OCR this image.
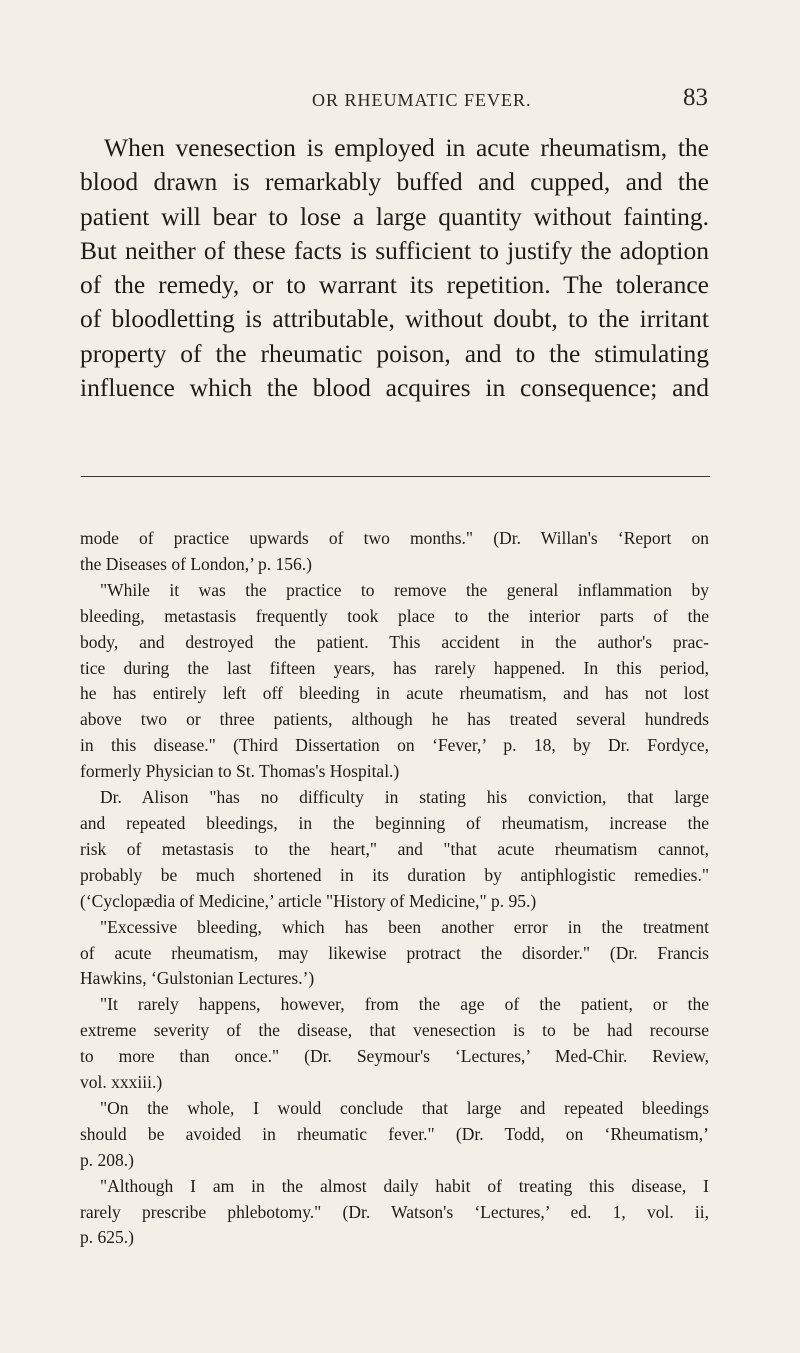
OR RHEUMATIC FEVER.	83
When venesection is employed in acute rheumatism, the
blood drawn is remarkably buffed and cupped, and the
patient will bear to lose a large quantity without fainting.
But neither of these facts is sufficient to justify the adoption
of the remedy, or to warrant its repetition. The tolerance
of bloodletting is attributable, without doubt, to the irritant
property of the rheumatic poison, and to the stimulating
influence which the blood acquires in consequence; and
mode of practice upwards of two months." (Dr. Willan's ‘Report on
the Diseases of London,’ p. 156.)
"While it was the practice to remove the general inflammation by
bleeding, metastasis frequently took place to the interior parts of the
body, and destroyed the patient. This accident in the author's prac-
tice during the last fifteen years, has rarely happened. In this period,
he has entirely left off bleeding in acute rheumatism, and has not lost
above two or three patients, although he has treated several hundreds
in this disease." (Third Dissertation on ‘Fever,’ p. 18, by Dr. Fordyce,
formerly Physician to St. Thomas's Hospital.)
Dr. Alison "has no difficulty in stating his conviction, that large
and repeated bleedings, in the beginning of rheumatism, increase the
risk of metastasis to the heart," and "that acute rheumatism cannot,
probably be much shortened in its duration by antiphlogistic remedies."
(‘Cyclopædia of Medicine,’ article "History of Medicine," p. 95.)
"Excessive bleeding, which has been another error in the treatment
of acute rheumatism, may likewise protract the disorder." (Dr. Francis
Hawkins, ‘Gulstonian Lectures.’)
"It rarely happens, however, from the age of the patient, or the
extreme severity of the disease, that venesection is to be had recourse
to more than once." (Dr. Seymour's ‘Lectures,’ Med-Chir. Review,
vol. xxxiii.)
"On the whole, I would conclude that large and repeated bleedings
should be avoided in rheumatic fever." (Dr. Todd, on ‘Rheumatism,’
p. 208.)
"Although I am in the almost daily habit of treating this disease, I
rarely prescribe phlebotomy." (Dr. Watson's ‘Lectures,’ ed. 1, vol. ii,
p. 625.)
